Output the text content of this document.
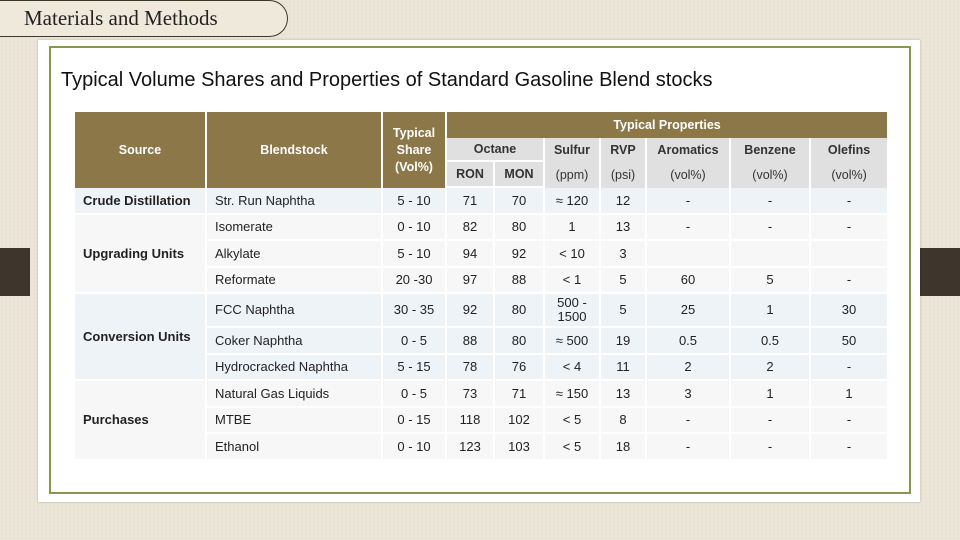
Materials and Methods
Typical Volume Shares and Properties of Standard Gasoline Blend stocks
Source	Blendstock	Typical Share (Vol%)	Typical Properties						
			Octane		Sulfur	RVP	Aromatics	Benzene	Olefins
			RON	MON	(ppm)	(psi)	(vol%)	(vol%)	(vol%)
Crude Distillation	Str. Run Naphtha	5 - 10	71	70	≈ 120	12	-	-	-
Upgrading Units	Isomerate	0 - 10	82	80	1	13	-	-	-
	Alkylate	5 - 10	94	92	< 10	3			
	Reformate	20 -30	97	88	< 1	5	60	5	-
Conversion Units	FCC Naphtha	30 - 35	92	80	500 - 1500	5	25	1	30
	Coker Naphtha	0 - 5	88	80	≈ 500	19	0.5	0.5	50
	Hydrocracked Naphtha	5 - 15	78	76	< 4	11	2	2	-
Purchases	Natural Gas Liquids	0 - 5	73	71	≈ 150	13	3	1	1
	MTBE	0 - 15	118	102	< 5	8	-	-	-
	Ethanol	0 - 10	123	103	< 5	18	-	-	-
